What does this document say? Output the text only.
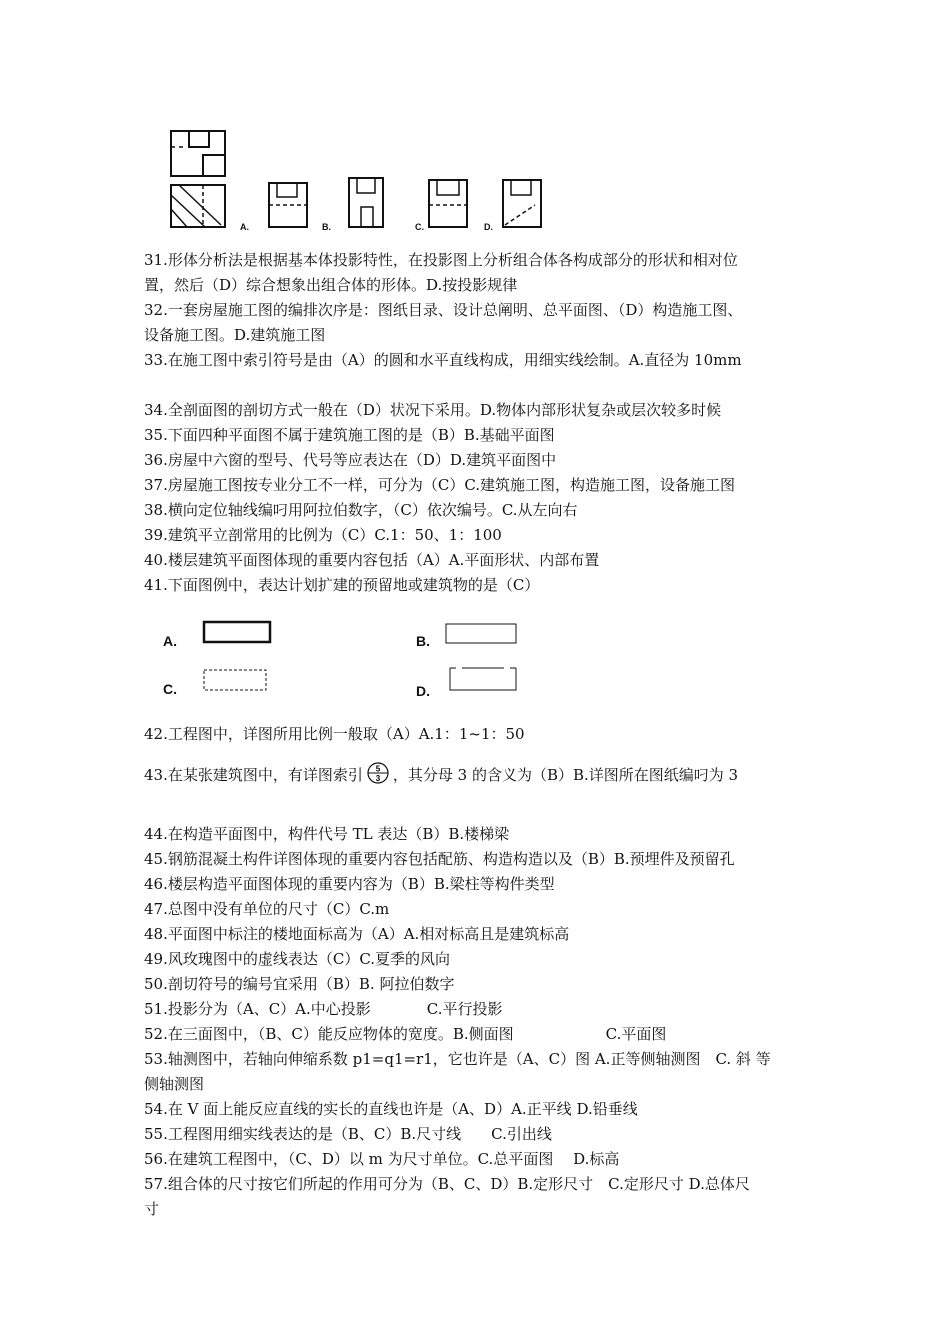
A.	B.	C.	D.
31.形体分析法是根据基本体投影特性，在投影图上分析组合体各构成部分的形状和相对位
置，然后（D）综合想象出组合体的形体。D.按投影规律
32.一套房屋施工图的编排次序是：图纸目录、设计总阐明、总平面图、（D）构造施工图、
设备施工图。D.建筑施工图
33.在施工图中索引符号是由（A）的圆和水平直线构成，用细实线绘制。A.直径为 10mm
34.全剖面图的剖切方式一般在（D）状况下采用。D.物体内部形状复杂或层次较多时候
35.下面四种平面图不属于建筑施工图的是（B）B.基础平面图
36.房屋中六窗的型号、代号等应表达在（D）D.建筑平面图中
37.房屋施工图按专业分工不一样，可分为（C）C.建筑施工图，构造施工图，设备施工图
38.横向定位轴线编叼用阿拉伯数字，（C）依次编号。C.从左向右
39.建筑平立剖常用的比例为（C）C.1：50、1：100
40.楼层建筑平面图体现的重要内容包括（A）A.平面形状、内部布置
41.下面图例中，表达计划扩建的预留地或建筑物的是（C）
A.	B.
C.	D.
42.工程图中，详图所用比例一般取（A）A.1：1~1：50
43.在某张建筑图中，有详图索引 5
3 ，其分母 3 的含义为（B）B.详图所在图纸编叼为 3
44.在构造平面图中，构件代号 TL 表达（B）B.楼梯梁
45.钢筋混凝土构件详图体现的重要内容包括配筋、构造构造以及（B）B.预埋件及预留孔
46.楼层构造平面图体现的重要内容为（B）B.梁柱等构件类型
47.总图中没有单位的尺寸（C）C.m
48.平面图中标注的楼地面标高为（A）A.相对标高且是建筑标高
49.风玫瑰图中的虚线表达（C）C.夏季的风向
50.剖切符号的编号宜采用（B）B. 阿拉伯数字
51.投影分为（A、C）A.中心投影	C.平行投影
52.在三面图中，（B、C）能反应物体的宽度。B.侧面图	C.平面图
53.轴测图中，若轴向伸缩系数 p1=q1=r1，它也许是（A、C）图 A.正等侧轴测图　C. 斜 等
侧轴测图
54.在 V 面上能反应直线的实长的直线也许是（A、D）A.正平线 D.铅垂线
55.工程图用细实线表达的是（B、C）B.尺寸线　　C.引出线
56.在建筑工程图中，（C、D）以 m 为尺寸单位。C.总平面图　 D.标高
57.组合体的尺寸按它们所起的作用可分为（B、C、D）B.定形尺寸　C.定形尺寸 D.总体尺
寸
